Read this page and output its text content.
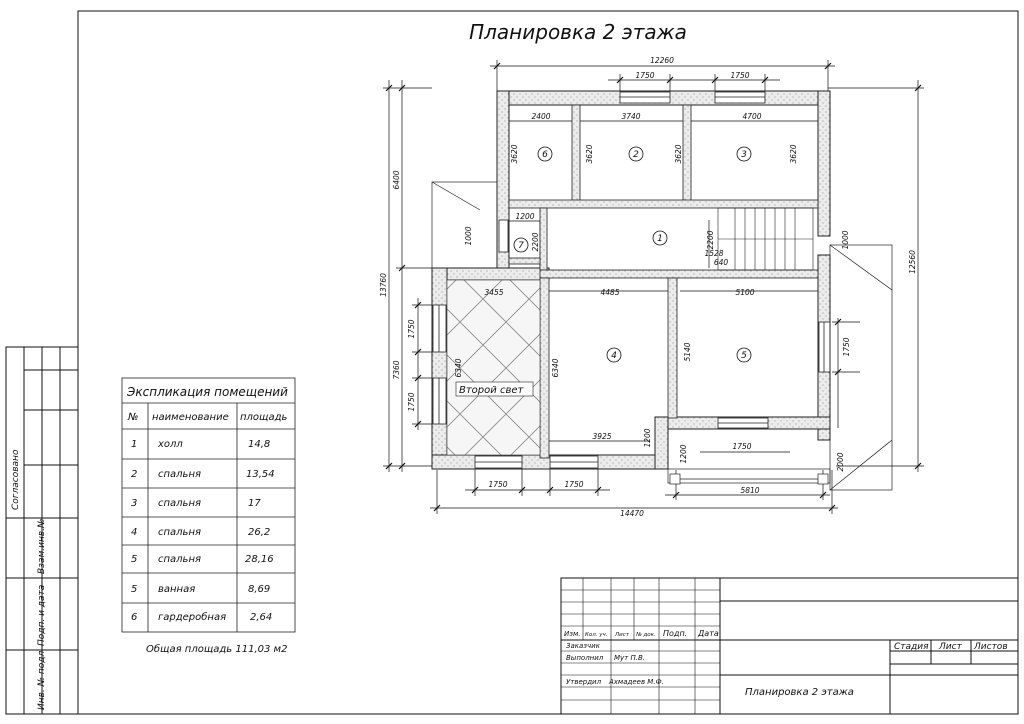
Согласовано
Взам.инв.№
Подп. и дата
Инв. № подл
Планировка 2 этажа
Второй свет
6	2	3
1
7
4	5
12260
1750	1750
2400	3740	4700
3620	3620	3620	3620
1200
1000	2200	2200
1528
640
1000
3455	4485	5100
6340	6340
5140
1750
1750
1750
3925	1200
1200	1750
2000
5810
1750	1750
14470
13760
6400
7360
12560
Экспликация помещений
№ наименование площадь
1 холл	14,8
2 спальня	13,54
3 спальня	17
4 спальня	26,2
5 спальня	28,16
5 ванная	8,69
6 гардеробная 2,64
Общая площадь 111,03 м2
Изм. Кол. уч. Лист № док. Подп. Дата
Заказчик
Выполнил
Утвердил
Мут П.В.
Ахмадеев М.Ф.
Стадия Лист Листов
Планировка 2 этажа
